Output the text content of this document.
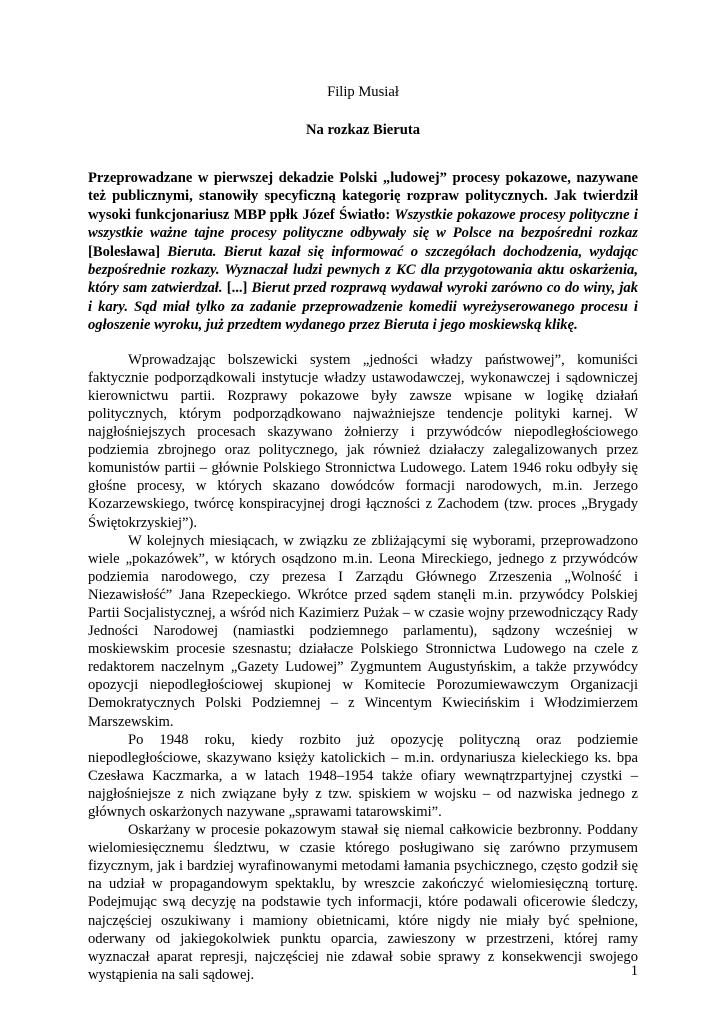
Filip Musiał

Na rozkaz Bieruta

Przeprowadzane w pierwszej dekadzie Polski „ludowej” procesy pokazowe, nazywane też publicznymi, stanowiły specyficzną kategorię rozpraw politycznych. Jak twierdził wysoki funkcjonariusz MBP ppłk Józef Światło: Wszystkie pokazowe procesy polityczne i wszystkie ważne tajne procesy polityczne odbywały się w Polsce na bezpośredni rozkaz [Bolesława] Bieruta. Bierut kazał się informować o szczegółach dochodzenia, wydając bezpośrednie rozkazy. Wyznaczał ludzi pewnych z KC dla przygotowania aktu oskarżenia, który sam zatwierdzał. [...] Bierut przed rozprawą wydawał wyroki zarówno co do winy, jak i kary. Sąd miał tylko za zadanie przeprowadzenie komedii wyreżyserowanego procesu i ogłoszenie wyroku, już przedtem wydanego przez Bieruta i jego moskiewską klikę.

Wprowadzając bolszewicki system „jedności władzy państwowej”, komuniści faktycznie podporządkowali instytucje władzy ustawodawczej, wykonawczej i sądowniczej kierownictwu partii. Rozprawy pokazowe były zawsze wpisane w logikę działań politycznych, którym podporządkowano najważniejsze tendencje polityki karnej. W najgłośniejszych procesach skazywano żołnierzy i przywódców niepodległościowego podziemia zbrojnego oraz politycznego, jak również działaczy zalegalizowanych przez komunistów partii – głównie Polskiego Stronnictwa Ludowego. Latem 1946 roku odbyły się głośne procesy, w których skazano dowódców formacji narodowych, m.in. Jerzego Kozarzewskiego, twórcę konspiracyjnej drogi łączności z Zachodem (tzw. proces „Brygady Świętokrzyskiej”).

W kolejnych miesiącach, w związku ze zbliżającymi się wyborami, przeprowadzono wiele „pokazówek”, w których osądzono m.in. Leona Mireckiego, jednego z przywódców podziemia narodowego, czy prezesa I Zarządu Głównego Zrzeszenia „Wolność i Niezawisłość” Jana Rzepeckiego. Wkrótce przed sądem stanęli m.in. przywódcy Polskiej Partii Socjalistycznej, a wśród nich Kazimierz Pużak – w czasie wojny przewodniczący Rady Jedności Narodowej (namiastki podziemnego parlamentu), sądzony wcześniej w moskiewskim procesie szesnastu; działacze Polskiego Stronnictwa Ludowego na czele z redaktorem naczelnym „Gazety Ludowej” Zygmuntem Augustyńskim, a także przywódcy opozycji niepodległościowej skupionej w Komitecie Porozumiewawczym Organizacji Demokratycznych Polski Podziemnej – z Wincentym Kwiecińskim i Włodzimierzem Marszewskim.

Po 1948 roku, kiedy rozbito już opozycję polityczną oraz podziemie niepodległościowe, skazywano księży katolickich – m.in. ordynariusza kieleckiego ks. bpa Czesława Kaczmarka, a w latach 1948–1954 także ofiary wewnątrzpartyjnej czystki – najgłośniejsze z nich związane były z tzw. spiskiem w wojsku – od nazwiska jednego z głównych oskarżonych nazywane „sprawami tatarowskimi”.

Oskarżany w procesie pokazowym stawał się niemal całkowicie bezbronny. Poddany wielomiesięcznemu śledztwu, w czasie którego posługiwano się zarówno przymusem fizycznym, jak i bardziej wyrafinowanymi metodami łamania psychicznego, często godził się na udział w propagandowym spektaklu, by wreszcie zakończyć wielomiesięczną torturę. Podejmując swą decyzję na podstawie tych informacji, które podawali oficerowie śledczy, najczęściej oszukiwany i mamiony obietnicami, które nigdy nie miały być spełnione, oderwany od jakiegokolwiek punktu oparcia, zawieszony w przestrzeni, której ramy wyznaczał aparat represji, najczęściej nie zdawał sobie sprawy z konsekwencji swojego wystąpienia na sali sądowej.	1
